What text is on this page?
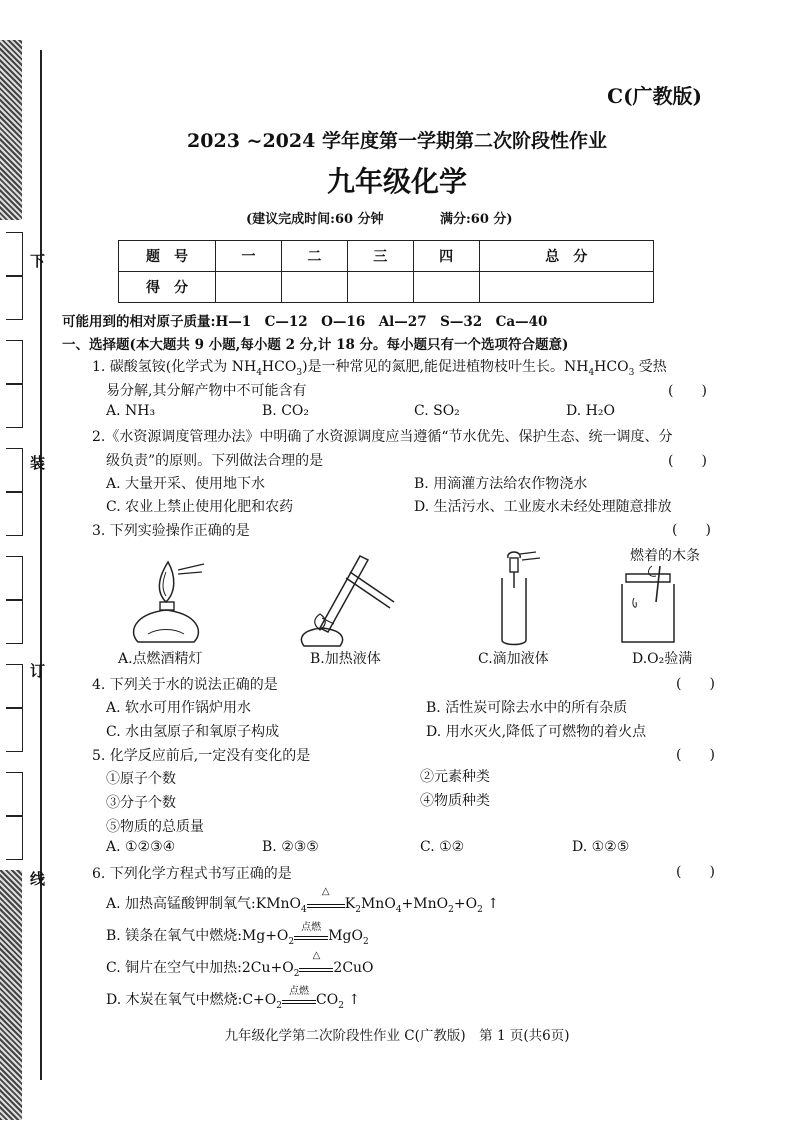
下
装
订
线
C(广教版)
2023 ~2024 学年度第一学期第二次阶段性作业
九年级化学
(建议完成时间:60 分钟	满分:60 分)
题　号	一	二	三	四	总　分
得　分					
可能用到的相对原子质量:H—1　C—12　O—16　Al—27　S—32　Ca—40
一、选择题(本大题共 9 小题,每小题 2 分,计 18 分。每小题只有一个选项符合题意)
1. 碳酸氢铵(化学式为 $NH_4HCO_3$)是一种常见的氮肥,能促进植物枝叶生长。$NH_4HCO_3$ 受热
易分解,其分解产物中不可能含有	(　　)
A. NH₃	B. CO₂	C. SO₂	D. H₂O
2.《水资源调度管理办法》中明确了水资源调度应当遵循“节水优先、保护生态、统一调度、分
级负责”的原则。下列做法合理的是	(　　)
A. 大量开采、使用地下水	B. 用滴灌方法给农作物浇水
C. 农业上禁止使用化肥和农药	D. 生活污水、工业废水未经处理随意排放
3. 下列实验操作正确的是	(　　)
燃着的木条
A.点燃酒精灯	B.加热液体	C.滴加液体	D.O₂验满
4. 下列关于水的说法正确的是	(　　)
A. 软水可用作锅炉用水	B. 活性炭可除去水中的所有杂质
C. 水由氢原子和氧原子构成	D. 用水灭火,降低了可燃物的着火点
5. 化学反应前后,一定没有变化的是	(　　)
①原子个数	②元素种类
③分子个数	④物质种类
⑤物质的总质量
A. ①②③④	B. ②③⑤	C. ①②	D. ①②⑤
6. 下列化学方程式书写正确的是	(　　)
A. 加热高锰酸钾制氧气:KMnO$_4$
△
$K_2MnO_4+MnO_2+O_2$ ↑
B. 镁条在氧气中燃烧$:Mg+O_2$
点燃
MgO$_2$
C. 铜片在空气中加热$:2Cu+O_2$
△
2CuO
D. 木炭在氧气中燃烧$:C+O_2$
点燃
$CO_2$ ↑
九年级化学第二次阶段性作业 C(广教版)　第 1 页(共6页)
